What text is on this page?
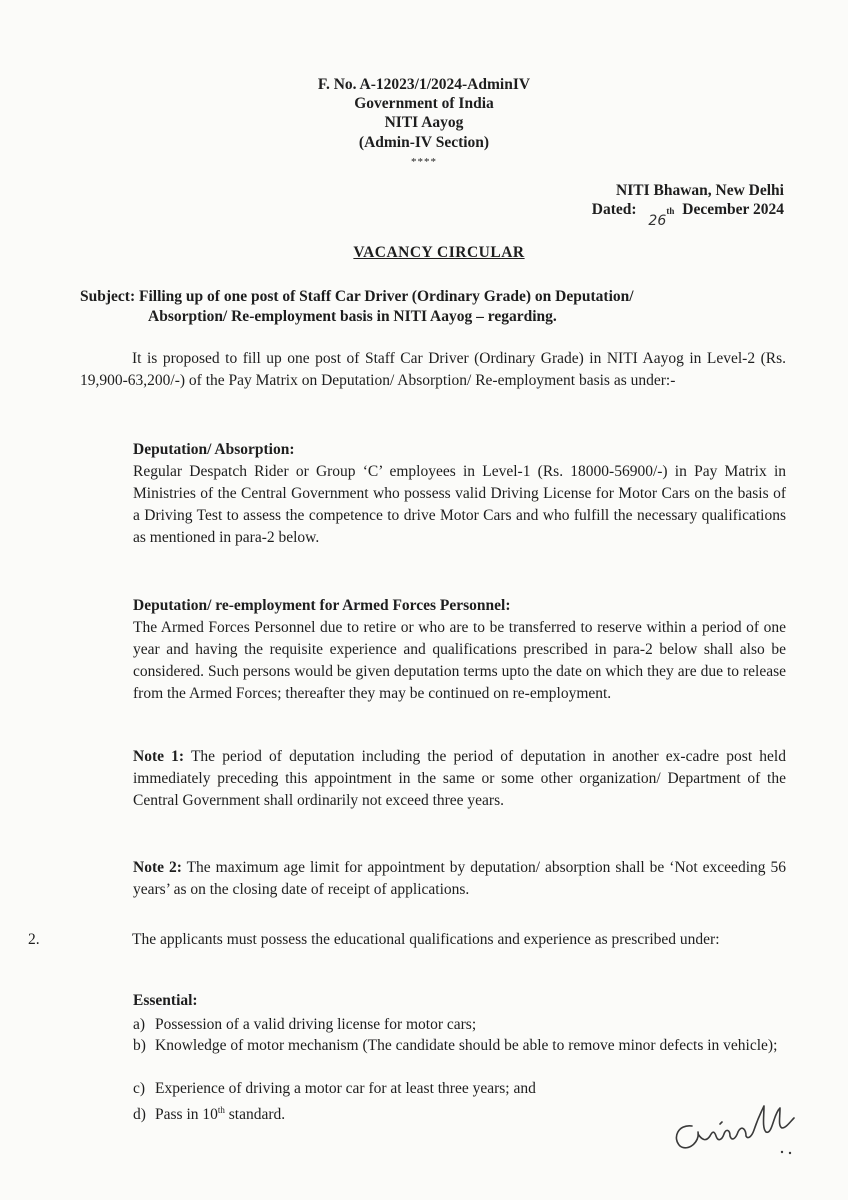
F. No. A-12023/1/2024-AdminIV
Government of India
NITI Aayog
(Admin-IV Section)
****
NITI Bhawan, New Delhi
Dated:
26
th December 2024
VACANCY CIRCULAR
Subject: Filling up of one post of Staff Car Driver (Ordinary Grade) on Deputation/
Absorption/ Re-employment basis in NITI Aayog – regarding.
It is proposed to fill up one post of Staff Car Driver (Ordinary Grade) in NITI Aayog in Level-2 (Rs. 19,900-63,200/-) of the Pay Matrix on Deputation/ Absorption/ Re-employment basis as under:-
Deputation/ Absorption:
Regular Despatch Rider or Group ‘C’ employees in Level-1 (Rs. 18000-56900/-) in Pay Matrix in Ministries of the Central Government who possess valid Driving License for Motor Cars on the basis of a Driving Test to assess the competence to drive Motor Cars and who fulfill the necessary qualifications as mentioned in para-2 below.
Deputation/ re-employment for Armed Forces Personnel:
The Armed Forces Personnel due to retire or who are to be transferred to reserve within a period of one year and having the requisite experience and qualifications prescribed in para-2 below shall also be considered. Such persons would be given deputation terms upto the date on which they are due to release from the Armed Forces; thereafter they may be continued on re-employment.
Note 1: The period of deputation including the period of deputation in another ex-cadre post held immediately preceding this appointment in the same or some other organization/ Department of the Central Government shall ordinarily not exceed three years.
Note 2: The maximum age limit for appointment by deputation/ absorption shall be ‘Not exceeding 56 years’ as on the closing date of receipt of applications.
2.	The applicants must possess the educational qualifications and experience as prescribed under:
Essential:
a) Possession of a valid driving license for motor cars;
b) Knowledge of motor mechanism (The candidate should be able to remove minor defects in vehicle);
c) Experience of driving a motor car for at least three years; and
d) Pass in 10th standard.
